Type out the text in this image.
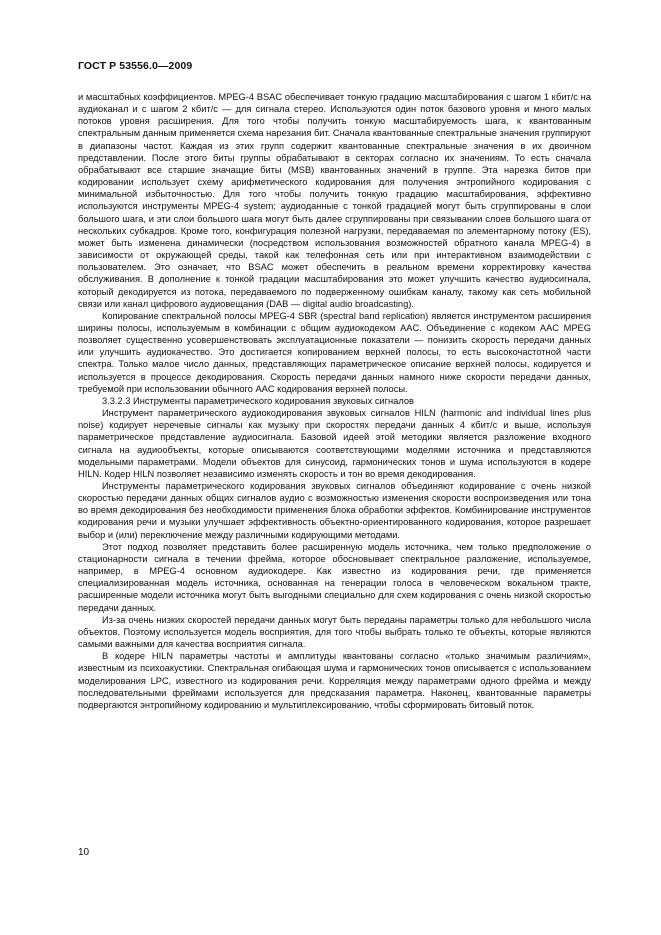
ГОСТ Р 53556.0—2009

и масштабных коэффициентов. MPEG-4 BSAC обеспечивает тонкую градацию масштабирования с шагом 1 кбит/с на аудиоканал и с шагом 2 кбит/с — для сигнала стерео. Используются один поток базового уровня и много малых потоков уровня расширения. Для того чтобы получить тонкую масштабируемость шага, к квантованным спектральным данным применяется схема нарезания бит. Сначала квантованные спектральные значения группируют в диапазоны частот. Каждая из этих групп содержит квантованные спектральные значения в их двоичном представлении. После этого биты группы обрабатывают в секторах согласно их значениям. То есть сначала обрабатывают все старшие значащие биты (MSB) квантованных значений в группе. Эта нарезка битов при кодировании использует схему арифметического кодирования для получения энтропийного кодирования с минимальной избыточностью. Для того чтобы получить тонкую градацию масштабирования, эффективно используются инструменты MPEG-4 system; аудиоданные с тонкой градацией могут быть сгруппированы в слои большого шага, и эти слои большого шага могут быть далее сгруппированы при связывании слоев большого шага от нескольких субкадров. Кроме того, конфигурация полезной нагрузки, передаваемая по элементарному потоку (ES), может быть изменена динамически (посредством использования возможностей обратного канала MPEG-4) в зависимости от окружающей среды, такой как телефонная сеть или при интерактивном взаимодействии с пользователем. Это означает, что BSAC может обеспечить в реальном времени корректировку качества обслуживания. В дополнение к тонкой градации масштабирования это может улучшить качество аудиосигнала, который декодируется из потока, передаваемого по подверженному ошибкам каналу, такому как сеть мобильной связи или канал цифрового аудиовещания (DAB — digital audio broadcasting).

Копирование спектральной полосы MPEG-4 SBR (spectral band replication) является инструментом расширения ширины полосы, используемым в комбинации с общим аудиокодеком AAC. Объединение с кодеком AAC MPEG позволяет существенно усовершенствовать эксплуатационные показатели — понизить скорость передачи данных или улучшить аудиокачество. Это достигается копированием верхней полосы, то есть высокочастотной части спектра. Только малое число данных, представляющих параметрическое описание верхней полосы, кодируется и используется в процессе декодирования. Скорость передачи данных намного ниже скорости передачи данных, требуемой при использовании обычного AAC кодирования верхней полосы.

3.3.2.3 Инструменты параметрического кодирования звуковых сигналов

Инструмент параметрического аудиокодирования звуковых сигналов HILN (harmonic and individual lines plus noise) кодирует неречевые сигналы как музыку при скоростях передачи данных 4 кбит/с и выше, используя параметрическое представление аудиосигнала. Базовой идеей этой методики является разложение входного сигнала на аудиообъекты, которые описываются соответствующими моделями источника и представляются модельными параметрами. Модели объектов для синусоид, гармонических тонов и шума используются в кодере HILN. Кодер HILN позволяет независимо изменять скорость и тон во время декодирования.

Инструменты параметрического кодирования звуковых сигналов объединяют кодирование с очень низкой скоростью передачи данных общих сигналов аудио с возможностью изменения скорости воспроизведения или тона во время декодирования без необходимости применения блока обработки эффектов. Комбинирование инструментов кодирования речи и музыки улучшает эффективность объектно-ориентированного кодирования, которое разрешает выбор и (или) переключение между различными кодирующими методами.

Этот подход позволяет представить более расширенную модель источника, чем только предположение о стационарности сигнала в течении фрейма, которое обосновывает спектральное разложение, используемое, например, в MPEG-4 основном аудиокодере. Как известно из кодирования речи, где применяется специализированная модель источника, основанная на генерации голоса в человеческом вокальном тракте, расширенные модели источника могут быть выгодными специально для схем кодирования с очень низкой скоростью передачи данных.

Из-за очень низких скоростей передачи данных могут быть переданы параметры только для небольшого числа объектов. Поэтому используется модель восприятия, для того чтобы выбрать только те объекты, которые являются самыми важными для качества восприятия сигнала.

В кодере HILN параметры частоты и амплитуды квантованы согласно «только значимым различиям», известным из психоакустики. Спектральная огибающая шума и гармонических тонов описывается с использованием моделирования LPC, известного из кодирования речи. Корреляция между параметрами одного фрейма и между последовательными фреймами используется для предсказания параметра. Наконец, квантованные параметры подвергаются энтропийному кодированию и мультиплексированию, чтобы сформировать битовый поток.

10
